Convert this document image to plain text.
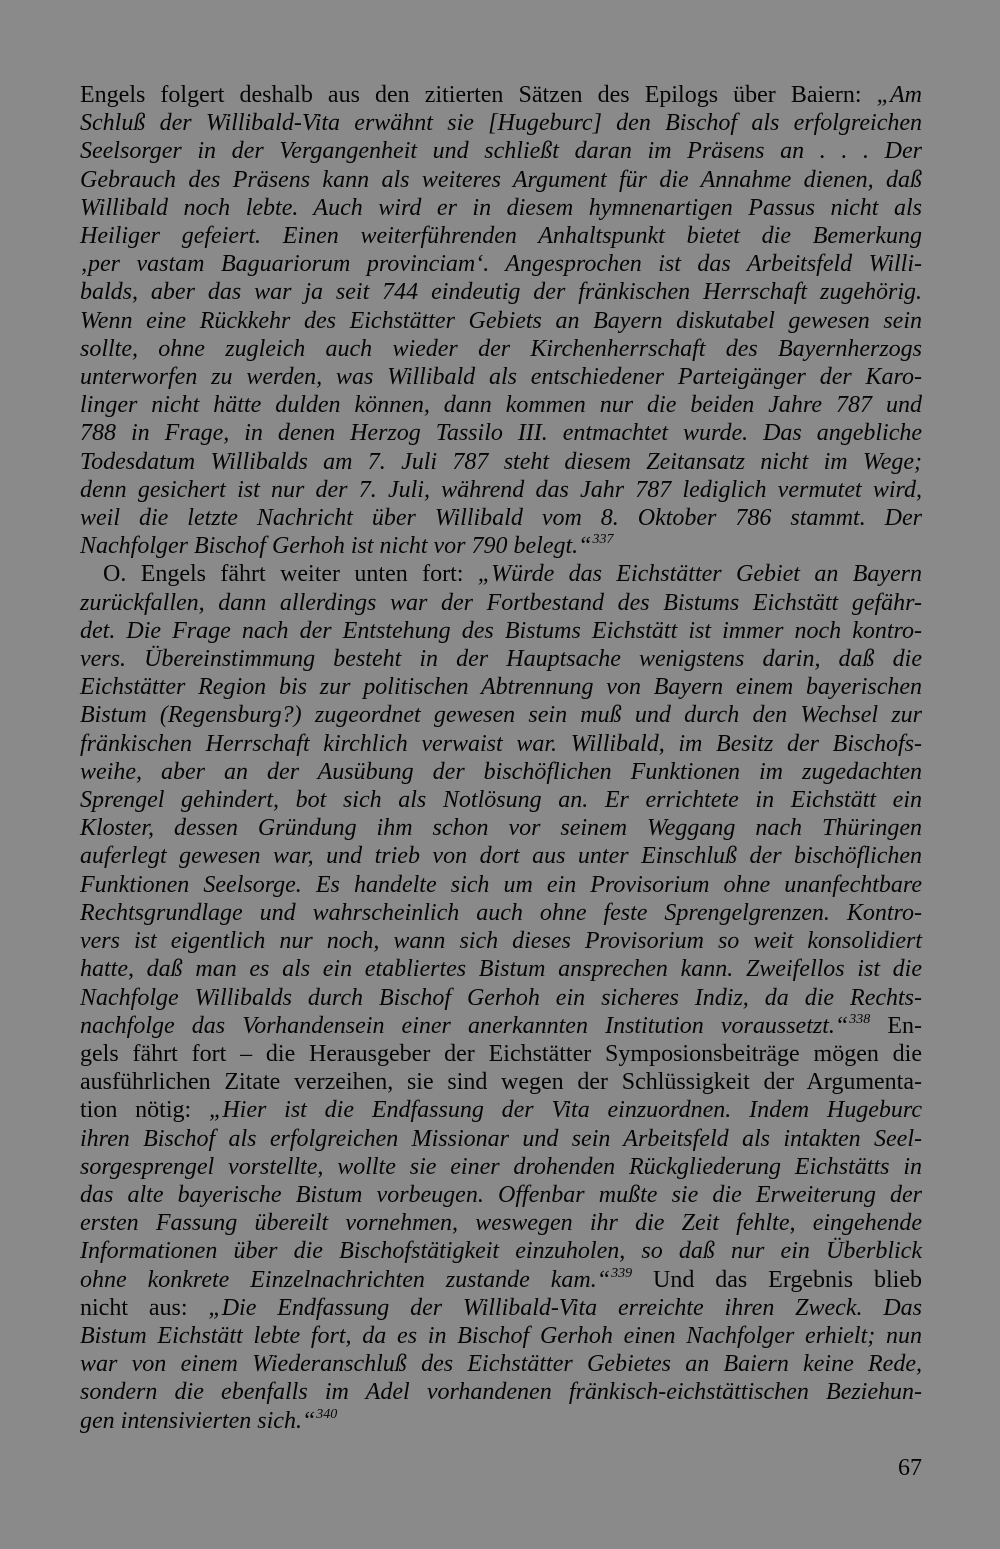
Engels folgert deshalb aus den zitierten Sätzen des Epilogs über Baiern: „Am
Schluß der Willibald-Vita erwähnt sie [Hugeburc] den Bischof als erfolgreichen
Seelsorger in der Vergangenheit und schließt daran im Präsens an . . . Der
Gebrauch des Präsens kann als weiteres Argument für die Annahme dienen, daß
Willibald noch lebte. Auch wird er in diesem hymnenartigen Passus nicht als
Heiliger gefeiert. Einen weiterführenden Anhaltspunkt bietet die Bemerkung
‚per vastam Baguariorum provinciam‘. Angesprochen ist das Arbeitsfeld Willi-
balds, aber das war ja seit 744 eindeutig der fränkischen Herrschaft zugehörig.
Wenn eine Rückkehr des Eichstätter Gebiets an Bayern diskutabel gewesen sein
sollte, ohne zugleich auch wieder der Kirchenherrschaft des Bayernherzogs
unterworfen zu werden, was Willibald als entschiedener Parteigänger der Karo-
linger nicht hätte dulden können, dann kommen nur die beiden Jahre 787 und
788 in Frage, in denen Herzog Tassilo III. entmachtet wurde. Das angebliche
Todesdatum Willibalds am 7. Juli 787 steht diesem Zeitansatz nicht im Wege;
denn gesichert ist nur der 7. Juli, während das Jahr 787 lediglich vermutet wird,
weil die letzte Nachricht über Willibald vom 8. Oktober 786 stammt. Der
Nachfolger Bischof Gerhoh ist nicht vor 790 belegt.“$^{337}$
O. Engels fährt weiter unten fort: „Würde das Eichstätter Gebiet an Bayern
zurückfallen, dann allerdings war der Fortbestand des Bistums Eichstätt gefähr-
det. Die Frage nach der Entstehung des Bistums Eichstätt ist immer noch kontro-
vers. Übereinstimmung besteht in der Hauptsache wenigstens darin, daß die
Eichstätter Region bis zur politischen Abtrennung von Bayern einem bayerischen
Bistum (Regensburg?) zugeordnet gewesen sein muß und durch den Wechsel zur
fränkischen Herrschaft kirchlich verwaist war. Willibald, im Besitz der Bischofs-
weihe, aber an der Ausübung der bischöflichen Funktionen im zugedachten
Sprengel gehindert, bot sich als Notlösung an. Er errichtete in Eichstätt ein
Kloster, dessen Gründung ihm schon vor seinem Weggang nach Thüringen
auferlegt gewesen war, und trieb von dort aus unter Einschluß der bischöflichen
Funktionen Seelsorge. Es handelte sich um ein Provisorium ohne unanfechtbare
Rechtsgrundlage und wahrscheinlich auch ohne feste Sprengelgrenzen. Kontro-
vers ist eigentlich nur noch, wann sich dieses Provisorium so weit konsolidiert
hatte, daß man es als ein etabliertes Bistum ansprechen kann. Zweifellos ist die
Nachfolge Willibalds durch Bischof Gerhoh ein sicheres Indiz, da die Rechts-
nachfolge das Vorhandensein einer anerkannten Institution voraussetzt.“$^{338}$ En-
gels fährt fort – die Herausgeber der Eichstätter Symposionsbeiträge mögen die
ausführlichen Zitate verzeihen, sie sind wegen der Schlüssigkeit der Argumenta-
tion nötig: „Hier ist die Endfassung der Vita einzuordnen. Indem Hugeburc
ihren Bischof als erfolgreichen Missionar und sein Arbeitsfeld als intakten Seel-
sorgesprengel vorstellte, wollte sie einer drohenden Rückgliederung Eichstätts in
das alte bayerische Bistum vorbeugen. Offenbar mußte sie die Erweiterung der
ersten Fassung übereilt vornehmen, weswegen ihr die Zeit fehlte, eingehende
Informationen über die Bischofstätigkeit einzuholen, so daß nur ein Überblick
ohne konkrete Einzelnachrichten zustande kam.“$^{339}$ Und das Ergebnis blieb
nicht aus: „Die Endfassung der Willibald-Vita erreichte ihren Zweck. Das
Bistum Eichstätt lebte fort, da es in Bischof Gerhoh einen Nachfolger erhielt; nun
war von einem Wiederanschluß des Eichstätter Gebietes an Baiern keine Rede,
sondern die ebenfalls im Adel vorhandenen fränkisch-eichstättischen Beziehun-
gen intensivierten sich.“$^{340}$
67
